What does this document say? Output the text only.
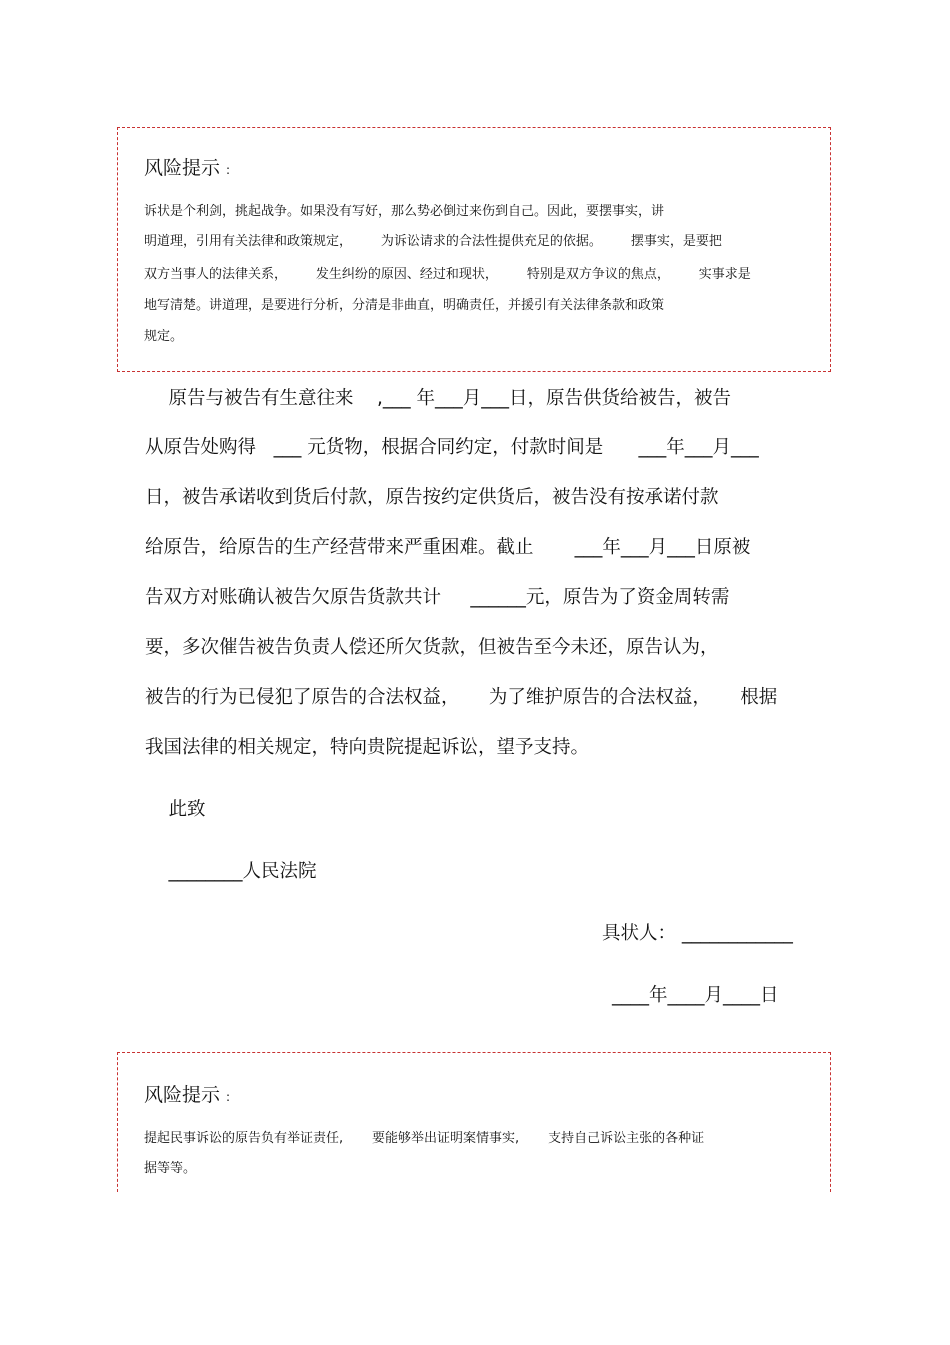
风险提示 :
诉状是个利剑，挑起战争。如果没有写好，那么势必倒过来伤到自己。因此，要摆事实，讲
明道理，引用有关法律和政策规定，       为诉讼请求的合法性提供充足的依据。       摆事实，是要把
双方当事人的法律关系，       发生纠纷的原因、经过和现状，       特别是双方争议的焦点，       实事求是
地写清楚。讲道理，是要进行分析，分清是非曲直，明确责任，并援引有关法律条款和政策
规定。
原告与被告有生意往来    ,___ 年___月___日，原告供货给被告，被告
从原告处购得   ___ 元货物，根据合同约定，付款时间是      ___年___月___
日，被告承诺收到货后付款，原告按约定供货后，被告没有按承诺付款
给原告，给原告的生产经营带来严重困难。截止       ___年___月___日原被
告双方对账确认被告欠原告货款共计     ______元，原告为了资金周转需
要，多次催告被告负责人偿还所欠货款，但被告至今未还，原告认为，
被告的行为已侵犯了原告的合法权益，     为了维护原告的合法权益，     根据
我国法律的相关规定，特向贵院提起诉讼，望予支持。
此致
________人民法院
具状人： ____________
____年____月____日
风险提示 :
提起民事诉讼的原告负有举证责任,       要能够举出证明案情事实,       支持自己诉讼主张的各种证
据等等。
